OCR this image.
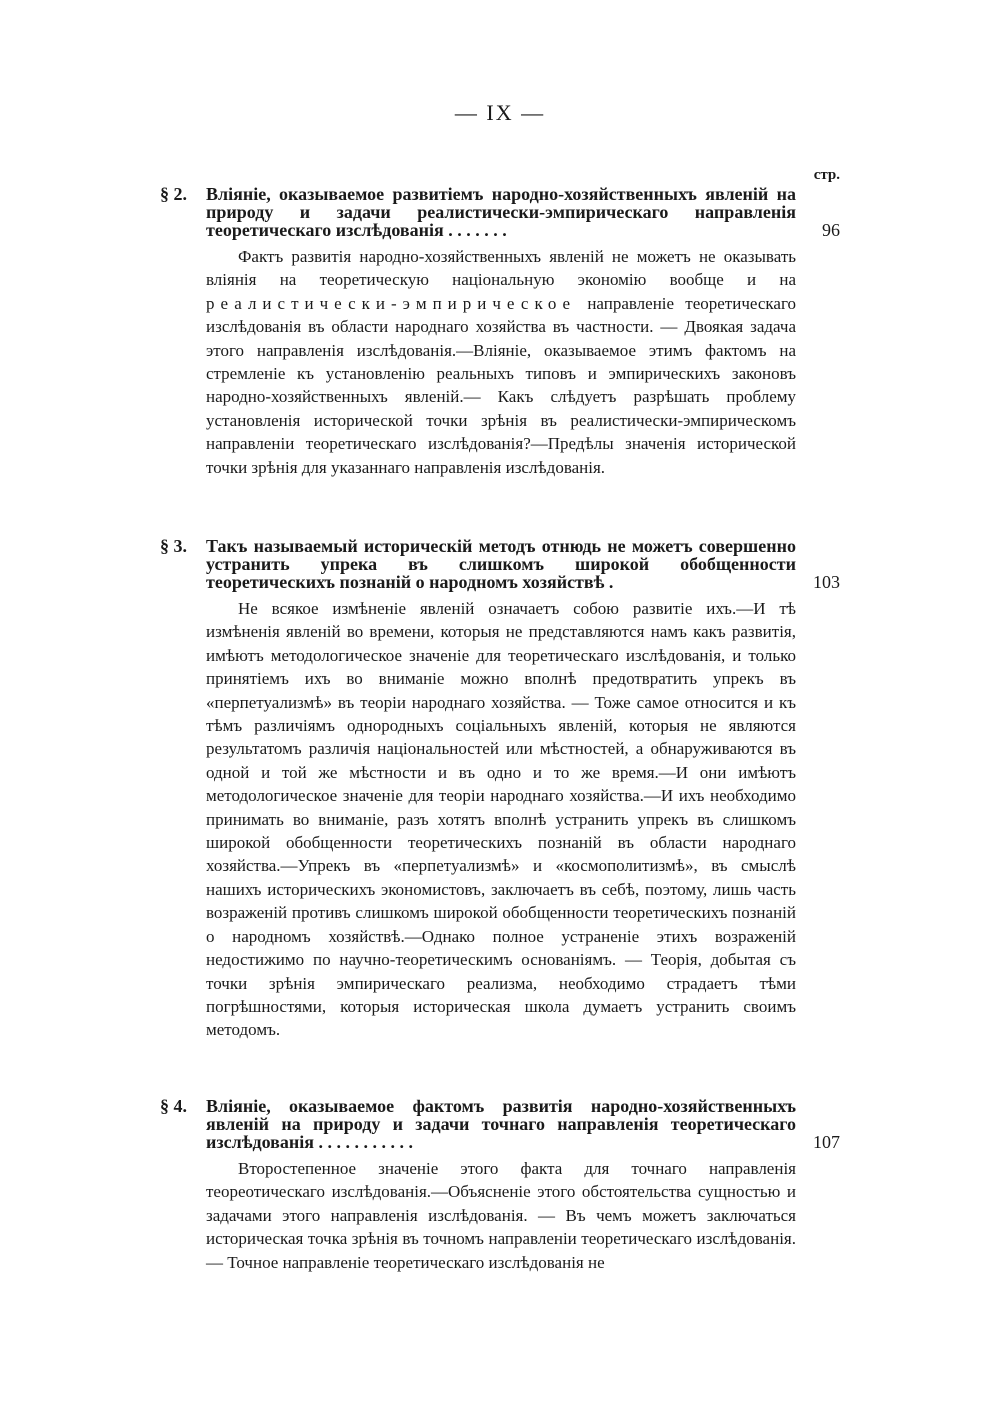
— IX —
стр.
§ 2. Вліяніе, оказываемое развитіемъ народно-хозяйственныхъ явленій на природу и задачи реалистически-эмпирическаго направленія теоретическаго изслѣдованія . . . . . . .	96
Фактъ развитія народно-хозяйственныхъ явленій не можетъ не оказывать вліянія на теоретическую національную экономію вообще и на реалистически-эмпирическое направленіе теоретическаго изслѣдованія въ области народнаго хозяйства въ частности. — Двоякая задача этого направленія изслѣдованія.—Вліяніе, оказываемое этимъ фактомъ на стремленіе къ установленію реальныхъ типовъ и эмпирическихъ законовъ народно-хозяйственныхъ явленій.— Какъ слѣдуетъ разрѣшать проблему установленія исторической точки зрѣнія въ реалистически-эмпирическомъ направленіи теоретическаго изслѣдованія?—Предѣлы значенія исторической точки зрѣнія для указаннаго направленія изслѣдованія.
§ 3. Такъ называемый историческій методъ отнюдь не можетъ совершенно устранить упрека въ слишкомъ широкой обобщенности теоретическихъ познаній о народномъ хозяйствѣ .	103
Не всякое измѣненіе явленій означаетъ собою развитіе ихъ.—И тѣ измѣненія явленій во времени, которыя не представляются намъ какъ развитія, имѣютъ методологическое значеніе для теоретическаго изслѣдованія, и только принятіемъ ихъ во вниманіе можно вполнѣ предотвратить упрекъ въ «перпетуализмѣ» въ теоріи народнаго хозяйства. — Тоже самое относится и къ тѣмъ различіямъ однородныхъ соціальныхъ явленій, которыя не являются результатомъ различія національностей или мѣстностей, а обнаруживаются въ одной и той же мѣстности и въ одно и то же время.—И они имѣютъ методологическое значеніе для теоріи народнаго хозяйства.—И ихъ необходимо принимать во вниманіе, разъ хотятъ вполнѣ устранить упрекъ въ слишкомъ широкой обобщенности теоретическихъ познаній въ области народнаго хозяйства.—Упрекъ въ «перпетуализмѣ» и «космополитизмѣ», въ смыслѣ нашихъ историческихъ экономистовъ, заключаетъ въ себѣ, поэтому, лишь часть возраженій противъ слишкомъ широкой обобщенности теоретическихъ познаній о народномъ хозяйствѣ.—Однако полное устраненіе этихъ возраженій недостижимо по научно-теоретическимъ основаніямъ. — Теорія, добытая съ точки зрѣнія эмпирическаго реализма, необходимо страдаетъ тѣми погрѣшностями, которыя историческая школа думаетъ устранить своимъ методомъ.
§ 4. Вліяніе, оказываемое фактомъ развитія народно-хозяйственныхъ явленій на природу и задачи точнаго направленія теоретическаго изслѣдованія . . . . . . . . . . .	107
Второстепенное значеніе этого факта для точнаго направленія теореотическаго изслѣдованія.—Объясненіе этого обстоятельства сущностью и задачами этого направленія изслѣдованія. — Въ чемъ можетъ заключаться историческая точка зрѣнія въ точномъ направленіи теоретическаго изслѣдованія. — Точное направленіе теоретическаго изслѣдованія не
